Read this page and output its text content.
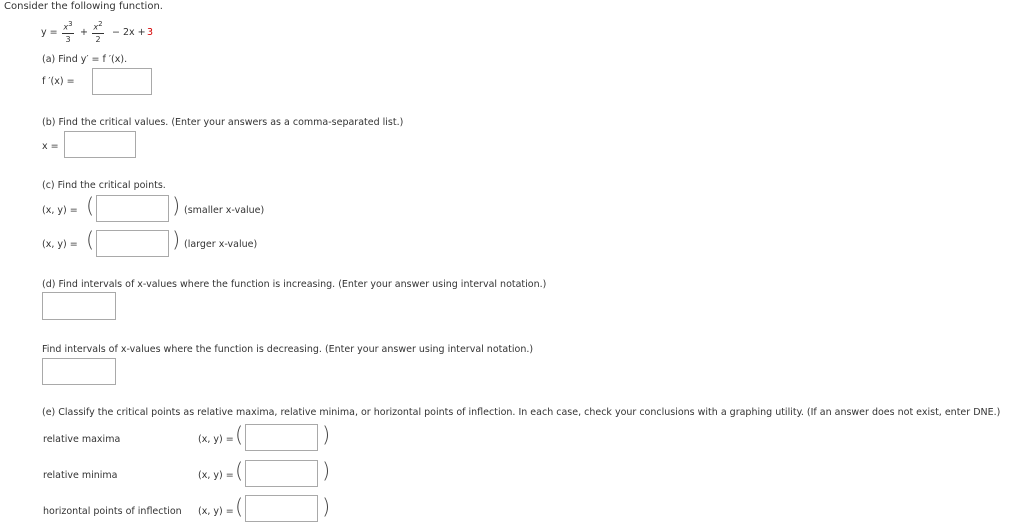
Consider the following function.
$y = x^3$
3
+ $x^2$
2
− 2x + 3
(a) Find y′ = f ′(x).
f ′(x) =
(b) Find the critical values. (Enter your answers as a comma-separated list.)
x =
(c) Find the critical points.
(x, y) = (	) (smaller x-value)
(x, y) = (	) (larger x-value)
(d) Find intervals of x-values where the function is increasing. (Enter your answer using interval notation.)
Find intervals of x-values where the function is decreasing. (Enter your answer using interval notation.)
(e) Classify the critical points as relative maxima, relative minima, or horizontal points of inflection. In each case, check your conclusions with a graphing utility. (If an answer does not exist, enter DNE.)
relative maxima	(x, y) = (	)
relative minima	(x, y) = (	)
horizontal points of inflection (x, y) = (	)
